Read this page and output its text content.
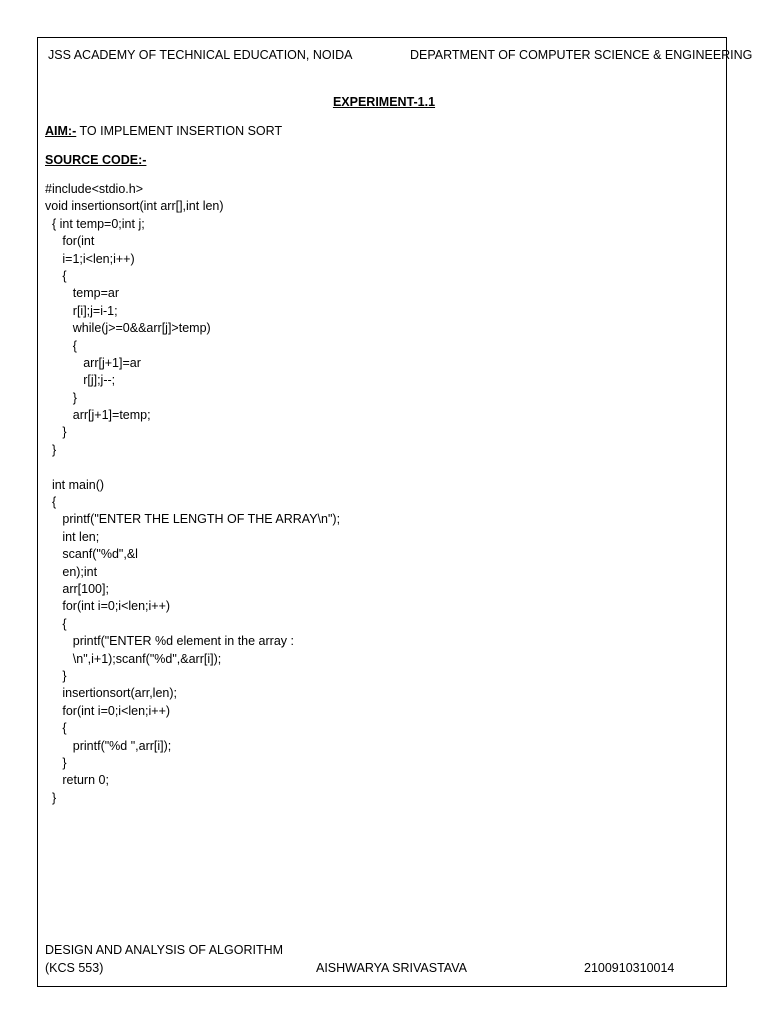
JSS ACADEMY OF TECHNICAL EDUCATION, NOIDA	DEPARTMENT OF COMPUTER SCIENCE & ENGINEERING
EXPERIMENT-1.1
AIM:- TO IMPLEMENT INSERTION SORT
SOURCE CODE:-
#include<stdio.h>
void insertionsort(int arr[],int len)
{ int temp=0;int j;
for(int
i=1;i<len;i++)
{
temp=ar
r[i];j=i-1;
while(j>=0&&arr[j]>temp)
{
arr[j+1]=ar
r[j];j--;
}
arr[j+1]=temp;
}
}
int main()
{
printf("ENTER THE LENGTH OF THE ARRAY\n");
int len;
scanf("%d",&l
en);int
arr[100];
for(int i=0;i<len;i++)
{
printf("ENTER %d element in the array :
\n",i+1);scanf("%d",&arr[i]);
}
insertionsort(arr,len);
for(int i=0;i<len;i++)
{
printf("%d ",arr[i]);
}
return 0;
}
DESIGN AND ANALYSIS OF ALGORITHM
(KCS 553)	AISHWARYA SRIVASTAVA	2100910310014
